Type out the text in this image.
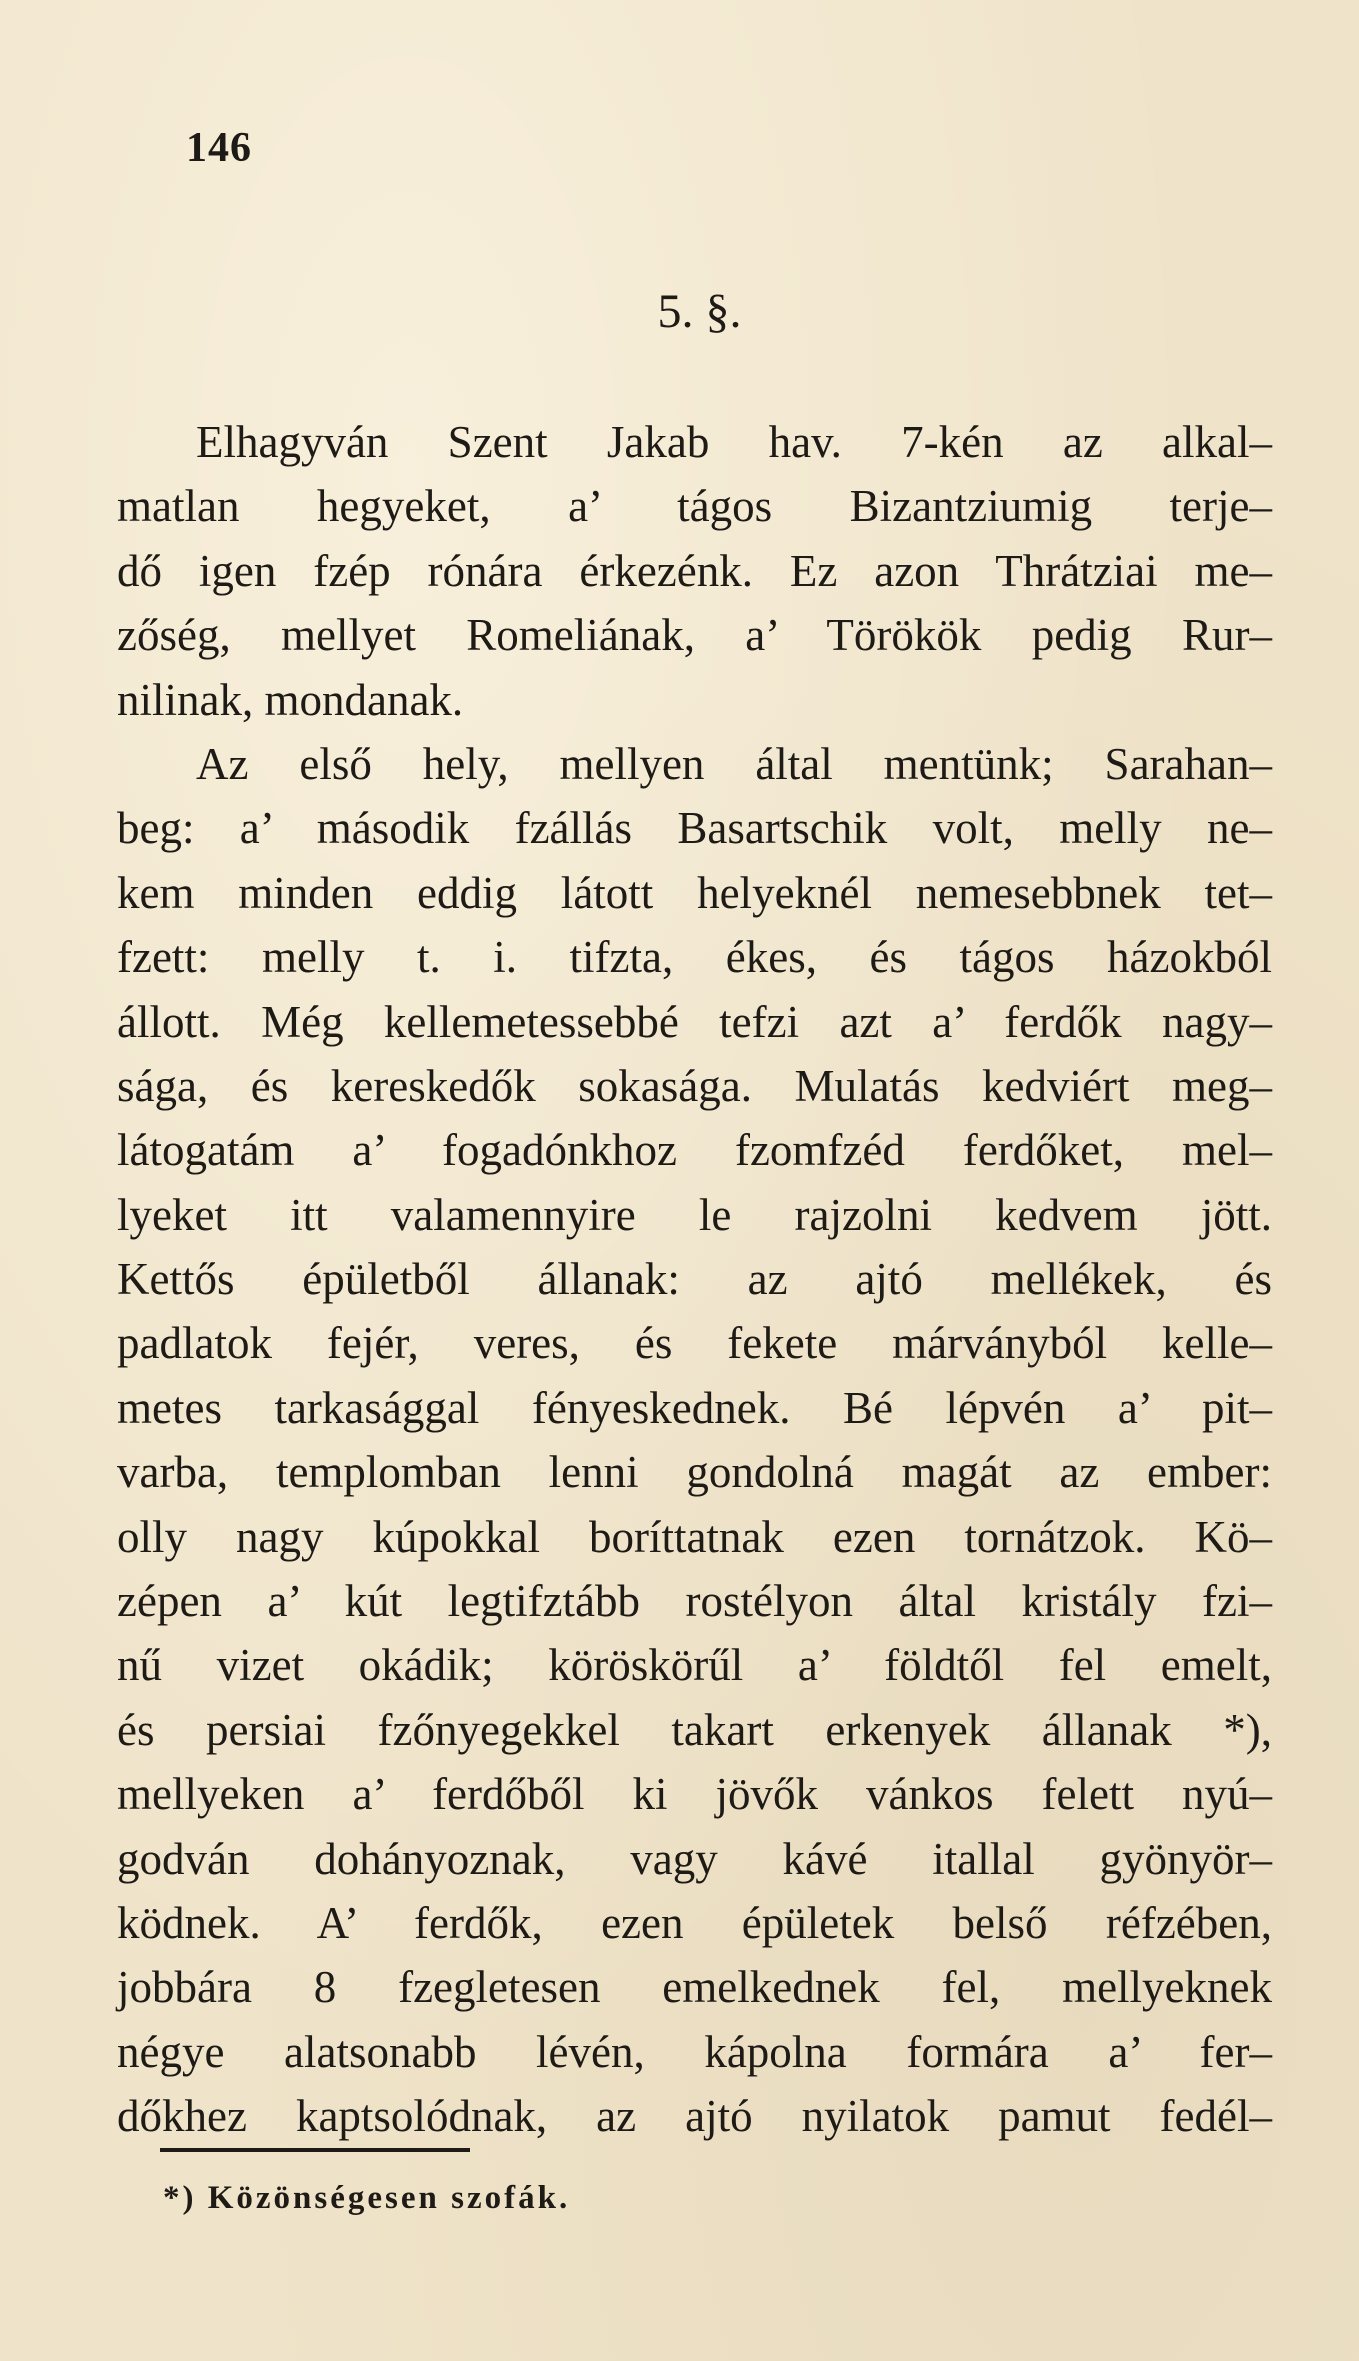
146
5. §.
Elhagyván Szent Jakab hav. 7-kén az alkal–
matlan hegyeket, a’ tágos Bizantziumig terje–
dő igen fzép rónára érkezénk. Ez azon Thrátziai me–
zőség, mellyet Romeliának, a’ Törökök pedig Rur–
nilinak, mondanak.
Az első hely, mellyen által mentünk; Sarahan–
beg: a’ második fzállás Basartschik volt, melly ne–
kem minden eddig látott helyeknél nemesebbnek tet–
fzett: melly t. i. tifzta, ékes, és tágos házokból
állott. Még kellemetessebbé tefzi azt a’ ferdők nagy–
sága, és kereskedők sokasága. Mulatás kedviért meg–
látogatám a’ fogadónkhoz fzomfzéd ferdőket, mel–
lyeket itt valamennyire le rajzolni kedvem jött.
Kettős épületből állanak: az ajtó mellékek, és
padlatok fejér, veres, és fekete márványból kelle–
metes tarkasággal fényeskednek. Bé lépvén a’ pit–
varba, templomban lenni gondolná magát az ember:
olly nagy kúpokkal boríttatnak ezen tornátzok. Kö–
zépen a’ kút legtifztább rostélyon által kristály fzi–
nű vizet okádik; köröskörűl a’ földtől fel emelt,
és persiai fzőnyegekkel takart erkenyek állanak *),
mellyeken a’ ferdőből ki jövők vánkos felett nyú–
godván dohányoznak, vagy kávé itallal gyönyör–
ködnek. A’ ferdők, ezen épületek belső réfzében,
jobbára 8 fzegletesen emelkednek fel, mellyeknek
négye alatsonabb lévén, kápolna formára a’ fer–
dőkhez kaptsolódnak, az ajtó nyilatok pamut fedél–
*) Közönségesen szofák.
